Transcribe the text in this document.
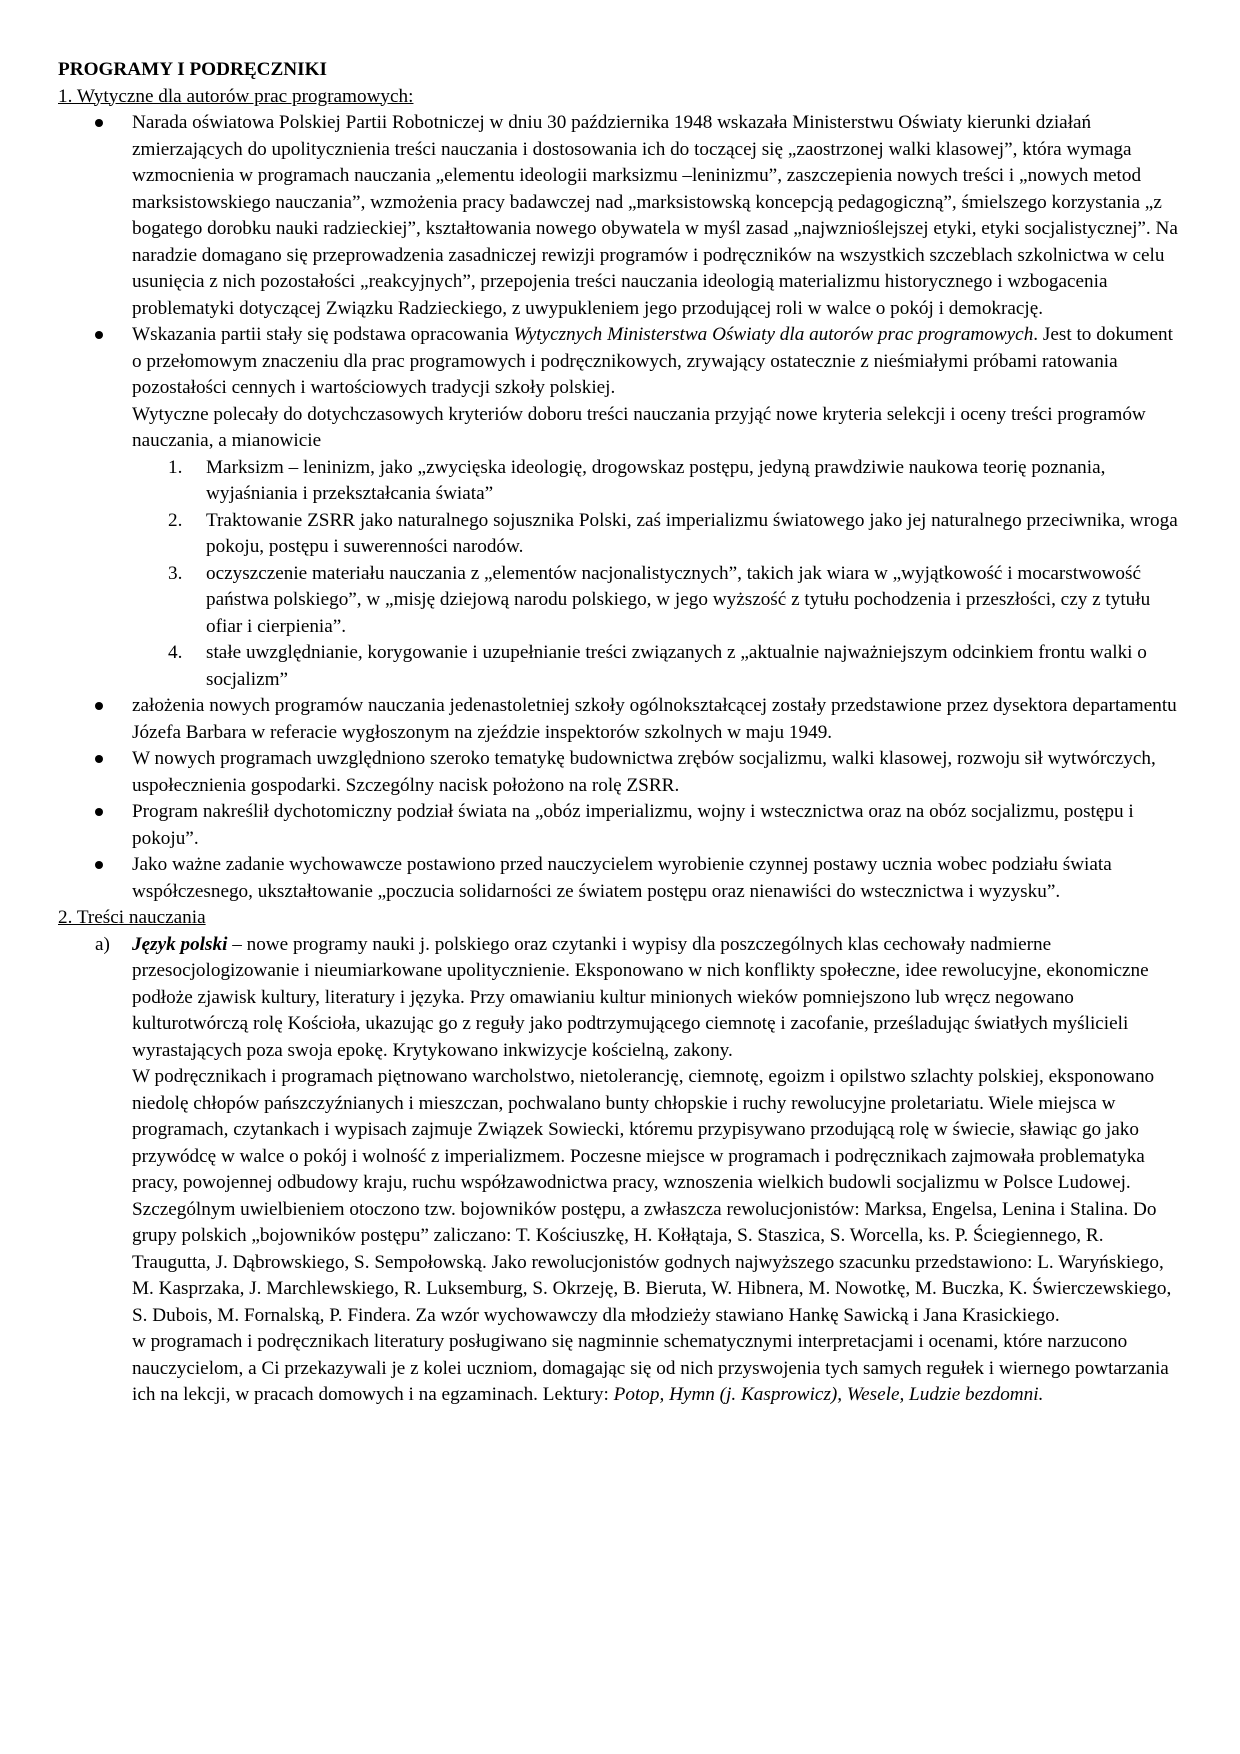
PROGRAMY I PODRĘCZNIKI

1. Wytyczne dla autorów prac programowych:

Narada oświatowa Polskiej Partii Robotniczej w dniu 30 października 1948 wskazała Ministerstwu Oświaty kierunki działań zmierzających do upolitycznienia treści nauczania i dostosowania ich do toczącej się „zaostrzonej walki klasowej”, która wymaga wzmocnienia w programach nauczania „elementu ideologii marksizmu –leninizmu”, zaszczepienia nowych treści i „nowych metod marksistowskiego nauczania”, wzmożenia pracy badawczej nad „marksistowską koncepcją pedagogiczną”, śmielszego korzystania „z bogatego dorobku nauki radzieckiej”, kształtowania nowego obywatela w myśl zasad „najwznioślejszej etyki, etyki socjalistycznej”. Na naradzie domagano się przeprowadzenia zasadniczej rewizji programów i podręczników na wszystkich szczeblach szkolnictwa w celu usunięcia z nich pozostałości „reakcyjnych”, przepojenia treści nauczania ideologią materializmu historycznego i wzbogacenia problematyki dotyczącej Związku Radzieckiego, z uwypukleniem jego przodującej roli w walce o pokój i demokrację.

Wskazania partii stały się podstawa opracowania Wytycznych Ministerstwa Oświaty dla autorów prac programowych. Jest to dokument o przełomowym znaczeniu dla prac programowych i podręcznikowych, zrywający ostatecznie z nieśmiałymi próbami ratowania pozostałości cennych i wartościowych tradycji szkoły polskiej.

Wytyczne polecały do dotychczasowych kryteriów doboru treści nauczania przyjąć nowe kryteria selekcji i oceny treści programów nauczania, a mianowicie

1. Marksizm – leninizm, jako „zwycięska ideologię, drogowskaz postępu, jedyną prawdziwie naukowa teorię poznania, wyjaśniania i przekształcania świata”
2. Traktowanie ZSRR jako naturalnego sojusznika Polski, zaś imperializmu światowego jako jej naturalnego przeciwnika, wroga pokoju, postępu i suwerenności narodów.
3. oczyszczenie materiału nauczania z „elementów nacjonalistycznych”, takich jak wiara w „wyjątkowość i mocarstwowość państwa polskiego”, w „misję dziejową narodu polskiego, w jego wyższość z tytułu pochodzenia i przeszłości, czy z tytułu ofiar i cierpienia”.
4. stałe uwzględnianie, korygowanie i uzupełnianie treści związanych z „aktualnie najważniejszym odcinkiem frontu walki o socjalizm”
założenia nowych programów nauczania jedenastoletniej szkoły ogólnokształcącej zostały przedstawione przez dysektora departamentu Józefa Barbara w referacie wygłoszonym na zjeździe inspektorów szkolnych w maju 1949.
W nowych programach uwzględniono szeroko tematykę budownictwa zrębów socjalizmu, walki klasowej, rozwoju sił wytwórczych, uspołecznienia gospodarki. Szczególny nacisk położono na rolę ZSRR.
Program nakreślił dychotomiczny podział świata na „obóz imperializmu, wojny i wstecznictwa oraz na obóz socjalizmu, postępu i pokoju”.
Jako ważne zadanie wychowawcze postawiono przed nauczycielem wyrobienie czynnej postawy ucznia wobec podziału świata współczesnego, ukształtowanie „poczucia solidarności ze światem postępu oraz nienawiści do wstecznictwa i wyzysku”.

2. Treści nauczania

a) Język polski – nowe programy nauki j. polskiego oraz czytanki i wypisy dla poszczególnych klas cechowały nadmierne przesocjologizowanie i nieumiarkowane upolitycznienie. Eksponowano w nich konflikty społeczne, idee rewolucyjne, ekonomiczne podłoże zjawisk kultury, literatury i języka. Przy omawianiu kultur minionych wieków pomniejszono lub wręcz negowano kulturotwórczą rolę Kościoła, ukazując go z reguły jako podtrzymującego ciemnotę i zacofanie, prześladując światłych myślicieli wyrastających poza swoja epokę. Krytykowano inkwizycje kościelną, zakony.

W podręcznikach i programach piętnowano warcholstwo, nietolerancję, ciemnotę, egoizm i opilstwo szlachty polskiej, eksponowano niedolę chłopów pańszczyźnianych i mieszczan, pochwalano bunty chłopskie i ruchy rewolucyjne proletariatu. Wiele miejsca w programach, czytankach i wypisach zajmuje Związek Sowiecki, któremu przypisywano przodującą rolę w świecie, sławiąc go jako przywódcę w walce o pokój i wolność z imperializmem. Poczesne miejsce w programach i podręcznikach zajmowała problematyka pracy, powojennej odbudowy kraju, ruchu współzawodnictwa pracy, wznoszenia wielkich budowli socjalizmu w Polsce Ludowej. Szczególnym uwielbieniem otoczono tzw. bojowników postępu, a zwłaszcza rewolucjonistów: Marksa, Engelsa, Lenina i Stalina. Do grupy polskich „bojowników postępu” zaliczano: T. Kościuszkę, H. Kołłątaja, S. Staszica, S. Worcella, ks. P. Ściegiennego, R. Traugutta, J. Dąbrowskiego, S. Sempołowską. Jako rewolucjonistów godnych najwyższego szacunku przedstawiono: L. Waryńskiego, M. Kasprzaka, J. Marchlewskiego, R. Luksemburg, S. Okrzeję, B. Bieruta, W. Hibnera, M. Nowotkę, M. Buczka, K. Świerczewskiego, S. Dubois, M. Fornalską, P. Findera. Za wzór wychowawczy dla młodzieży stawiano Hankę Sawicką i Jana Krasickiego.

w programach i podręcznikach literatury posługiwano się nagminnie schematycznymi interpretacjami i ocenami, które narzucono nauczycielom, a Ci przekazywali je z kolei uczniom, domagając się od nich przyswojenia tych samych regułek i wiernego powtarzania ich na lekcji, w pracach domowych i na egzaminach. Lektury: Potop, Hymn (j. Kasprowicz), Wesele, Ludzie bezdomni.
